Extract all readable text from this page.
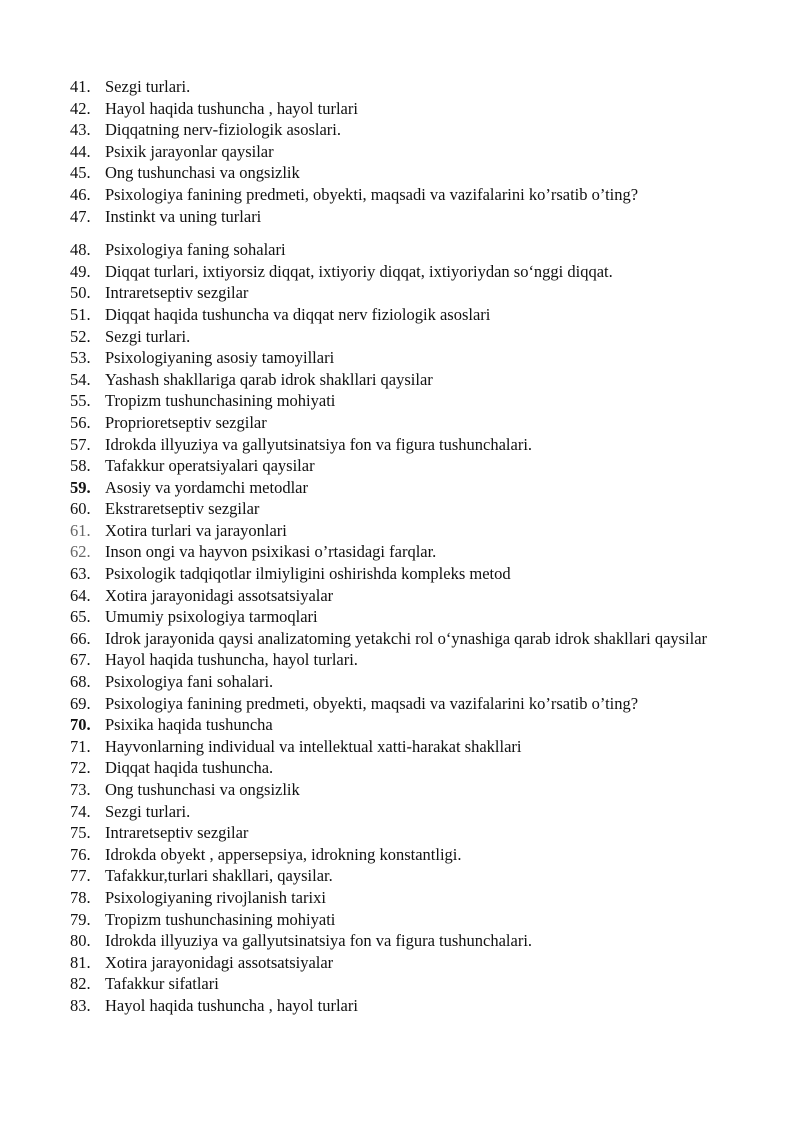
41. Sezgi turlari.
42. Hayol haqida tushuncha , hayol turlari
43. Diqqatning nerv-fiziologik asoslari.
44. Psixik jarayonlar qaysilar
45. Ong tushunchasi va ongsizlik
46. Psixologiya fanining predmeti, obyekti, maqsadi va vazifalarini ko’rsatib o’ting?
47. Instinkt va uning turlari
48. Psixologiya faning sohalari
49. Diqqat turlari, ixtiyorsiz diqqat, ixtiyoriy diqqat, ixtiyoriydan so‘nggi diqqat.
50. Intraretseptiv sezgilar
51. Diqqat haqida tushuncha va diqqat nerv fiziologik asoslari
52. Sezgi turlari.
53. Psixologiyaning asosiy tamoyillari
54. Yashash shakllariga qarab idrok shakllari qaysilar
55. Tropizm tushunchasining mohiyati
56. Proprioretseptiv sezgilar
57. Idrokda illyuziya va gallyutsinatsiya fon va figura tushunchalari.
58. Tafakkur operatsiyalari qaysilar
59. Asosiy va yordamchi metodlar
60. Ekstraretseptiv sezgilar
61. Xotira turlari va jarayonlari
62. Inson ongi va hayvon psixikasi o’rtasidagi farqlar.
63. Psixologik tadqiqotlar ilmiyligini oshirishda kompleks metod
64. Xotira jarayonidagi assotsatsiyalar
65. Umumiy psixologiya tarmoqlari
66. Idrok jarayonida qaysi analizatoming yetakchi rol o‘ynashiga qarab idrok shakllari qaysilar
67. Hayol haqida tushuncha, hayol turlari.
68. Psixologiya fani sohalari.
69. Psixologiya fanining predmeti, obyekti, maqsadi va vazifalarini ko’rsatib o’ting?
70. Psixika haqida tushuncha
71. Hayvonlarning individual va intellektual xatti-harakat shakllari
72. Diqqat haqida tushuncha.
73. Ong tushunchasi va ongsizlik
74. Sezgi turlari.
75. Intraretseptiv sezgilar
76. Idrokda obyekt , appersepsiya, idrokning konstantligi.
77. Tafakkur,turlari shakllari, qaysilar.
78. Psixologiyaning rivojlanish tarixi
79. Tropizm tushunchasining mohiyati
80. Idrokda illyuziya va gallyutsinatsiya fon va figura tushunchalari.
81. Xotira jarayonidagi assotsatsiyalar
82. Tafakkur sifatlari
83. Hayol haqida tushuncha , hayol turlari
